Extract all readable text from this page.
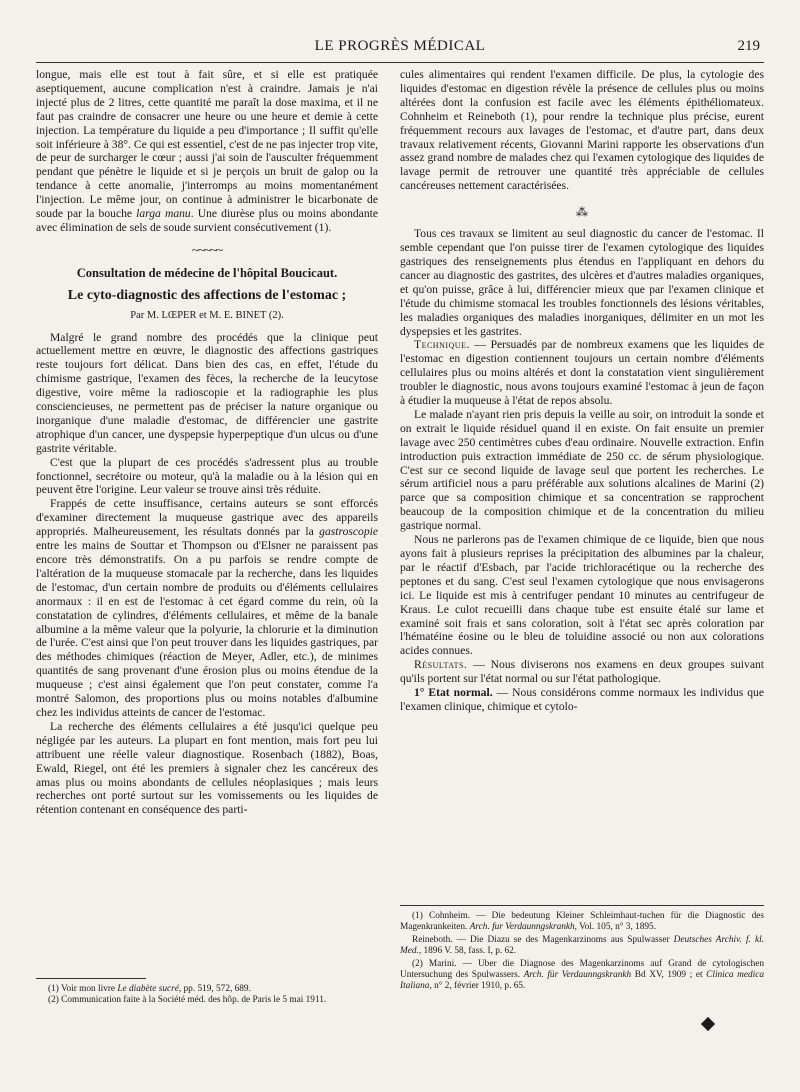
LE PROGRÈS MÉDICAL	219

longue, mais elle est tout à fait sûre, et si elle est pratiquée aseptiquement, aucune complication n'est à craindre. Jamais je n'ai injecté plus de 2 litres, cette quantité me paraît la dose maxima, et il ne faut pas craindre de consacrer une heure ou une heure et demie à cette injection. La température du liquide a peu d'importance ; Il suffit qu'elle soit inférieure à 38°. Ce qui est essentiel, c'est de ne pas injecter trop vite, de peur de surcharger le cœur ; aussi j'ai soin de l'ausculter fréquemment pendant que pénètre le liquide et si je perçois un bruit de galop ou la tendance à cette anomalie, j'interromps au moins momentanément l'injection. Le même jour, on continue à administrer le bicarbonate de soude par la bouche larga manu. Une diurèse plus ou moins abondante avec élimination de sels de soude survient consécutivement (1).

~~~~~
Consultation de médecine de l'hôpital Boucicaut.
Le cyto-diagnostic des affections de l'estomac ;
Par M. LŒPER et M. E. BINET (2).

Malgré le grand nombre des procédés que la clinique peut actuellement mettre en œuvre, le diagnostic des affections gastriques reste toujours fort délicat. Dans bien des cas, en effet, l'étude du chimisme gastrique, l'examen des fèces, la recherche de la leucytose digestive, voire même la radioscopie et la radiographie les plus consciencieuses, ne permettent pas de préciser la nature organique ou inorganique d'une maladie d'estomac, de différencier une gastrite atrophique d'un cancer, une dyspepsie hyperpeptique d'un ulcus ou d'une gastrite véritable.

C'est que la plupart de ces procédés s'adressent plus au trouble fonctionnel, secrétoire ou moteur, qu'à la maladie ou à la lésion qui en peuvent être l'origine. Leur valeur se trouve ainsi très réduite.

Frappés de cette insuffisance, certains auteurs se sont efforcés d'examiner directement la muqueuse gastrique avec des appareils appropriés. Malheureusement, les résultats donnés par la gastroscopie entre les mains de Souttar et Thompson ou d'Elsner ne paraissent pas encore très démonstratifs. On a pu parfois se rendre compte de l'altération de la muqueuse stomacale par la recherche, dans les liquides de l'estomac, d'un certain nombre de produits ou d'éléments cellulaires anormaux : il en est de l'estomac à cet égard comme du rein, où la constatation de cylindres, d'éléments cellulaires, et même de la banale albumine a la même valeur que la polyurie, la chlorurie et la diminution de l'urée. C'est ainsi que l'on peut trouver dans les liquides gastriques, par des méthodes chimiques (réaction de Meyer, Adler, etc.), de minimes quantités de sang provenant d'une érosion plus ou moins étendue de la muqueuse ; c'est ainsi également que l'on peut constater, comme l'a montré Salomon, des proportions plus ou moins notables d'albumine chez les individus atteints de cancer de l'estomac.

La recherche des éléments cellulaires a été jusqu'ici quelque peu négligée par les auteurs. La plupart en font mention, mais fort peu lui attribuent une réelle valeur diagnostique. Rosenbach (1882), Boas, Ewald, Riegel, ont été les premiers à signaler chez les cancéreux des amas plus ou moins abondants de cellules néoplasiques ; mais leurs recherches ont porté surtout sur les vomissements ou les liquides de rétention contenant en conséquence des parti-

(1) Voir mon livre Le diabète sucré, pp. 519, 572, 689.

(2) Communication faite à la Société méd. des hôp. de Paris le 5 mai 1911.

cules alimentaires qui rendent l'examen difficile. De plus, la cytologie des liquides d'estomac en digestion révèle la présence de cellules plus ou moins altérées dont la confusion est facile avec les éléments épithéliomateux. Cohnheim et Reineboth (1), pour rendre la technique plus précise, eurent fréquemment recours aux lavages de l'estomac, et d'autre part, dans deux travaux relativement récents, Giovanni Marini rapporte les observations d'un assez grand nombre de malades chez qui l'examen cytologique des liquides de lavage permit de retrouver une quantité très appréciable de cellules cancéreuses nettement caractérisées.

⁂

Tous ces travaux se limitent au seul diagnostic du cancer de l'estomac. Il semble cependant que l'on puisse tirer de l'examen cytologique des liquides gastriques des renseignements plus étendus en l'appliquant en dehors du cancer au diagnostic des gastrites, des ulcères et d'autres maladies organiques, et qu'on puisse, grâce à lui, différencier mieux que par l'examen clinique et l'étude du chimisme stomacal les troubles fonctionnels des lésions véritables, les maladies organiques des maladies inorganiques, délimiter en un mot les dyspepsies et les gastrites.

Technique. — Persuadés par de nombreux examens que les liquides de l'estomac en digestion contiennent toujours un certain nombre d'éléments cellulaires plus ou moins altérés et dont la constatation vient singulièrement troubler le diagnostic, nous avons toujours examiné l'estomac à jeun de façon à étudier la muqueuse à l'état de repos absolu.

Le malade n'ayant rien pris depuis la veille au soir, on introduit la sonde et on extrait le liquide résiduel quand il en existe. On fait ensuite un premier lavage avec 250 centimètres cubes d'eau ordinaire. Nouvelle extraction. Enfin introduction puis extraction immédiate de 250 cc. de sérum physiologique. C'est sur ce second liquide de lavage seul que portent les recherches. Le sérum artificiel nous a paru préférable aux solutions alcalines de Marini (2) parce que sa composition chimique et sa concentration se rapprochent beaucoup de la composition chimique et de la concentration du milieu gastrique normal.

Nous ne parlerons pas de l'examen chimique de ce liquide, bien que nous ayons fait à plusieurs reprises la précipitation des albumines par la chaleur, par le réactif d'Esbach, par l'acide trichloracétique ou la recherche des peptones et du sang. C'est seul l'examen cytologique que nous envisagerons ici. Le liquide est mis à centrifuger pendant 10 minutes au centrifugeur de Kraus. Le culot recueilli dans chaque tube est ensuite étalé sur lame et examiné soit frais et sans coloration, soit à l'état sec après coloration par l'hématéine éosine ou le bleu de toluidine associé ou non aux colorations acides connues.

Résultats. — Nous diviserons nos examens en deux groupes suivant qu'ils portent sur l'état normal ou sur l'état pathologique.

1° Etat normal. — Nous considérons comme normaux les individus que l'examen clinique, chimique et cytolo-

(1) Cohnheim. — Die bedeutung Kleiner Schleimhaut-tuchen für die Diagnostic des Magenkrankeiten. Arch. fur Verdaunngskrankh, Vol. 105, n° 3, 1895.

Reineboth. — Die Diazu se des Magenkarzinoms aus Spulwasser Deutsches Archiv. f. kl. Med., 1896 V. 58, fass. I, p. 62.

(2) Marini. — Uber die Diagnose des Magenkarzinoms auf Grand de cytologischen Untersuchung des Spulwassers. Arch. für Verdaunngskrankh Bd XV, 1909 ; et Clinica medica Italiana, n° 2, février 1910, p. 65.
